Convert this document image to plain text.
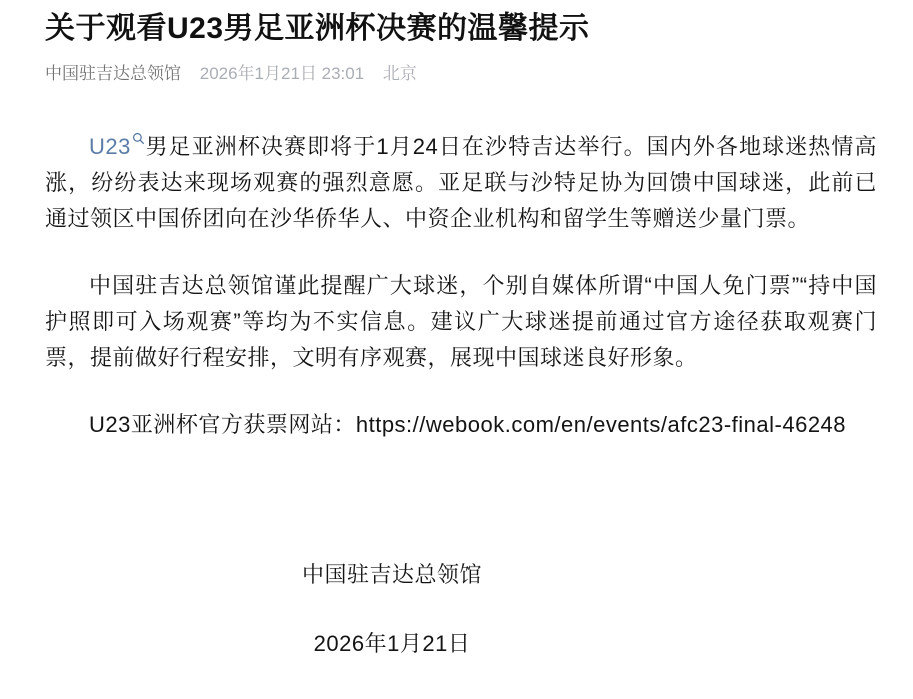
关于观看U23男足亚洲杯决赛的温馨提示
中国驻吉达总领馆 2026年1月21日 23:01 北京

U23 男足亚洲杯决赛即将于1月24日在沙特吉达举行。国内外各地球迷热情高涨，纷纷表达来现场观赛的强烈意愿。亚足联与沙特足协为回馈中国球迷，此前已通过领区中国侨团向在沙华侨华人、中资企业机构和留学生等赠送少量门票。

中国驻吉达总领馆谨此提醒广大球迷，个别自媒体所谓“中国人免门票”“持中国护照即可入场观赛”等均为不实信息。建议广大球迷提前通过官方途径获取观赛门票，提前做好行程安排，文明有序观赛，展现中国球迷良好形象。

U23亚洲杯官方获票网站：https://webook.com/en/events/afc23-final-46248

中国驻吉达总领馆

2026年1月21日
